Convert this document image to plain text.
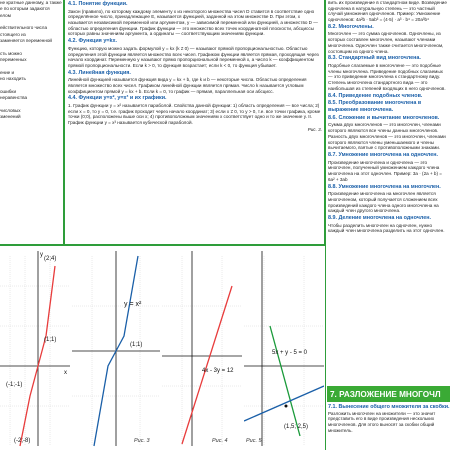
не кратные данному, а также

е по которым задаются

елом

ействительного числа

стоящего из

заменяется переменной

сть можно

переменных

ение и

но находить

ошибки

неравенства

числовых

зменений

4.1. Понятие функции.

Закон (правило), по которому каждому элементу x из некоторого множества чисел D ставится в соответствие одно определённое число, принадлежащее E, называется функцией, заданной на этом множестве D. При этом, x называется независимой переменной или аргументом, y — зависимой переменной или функцией, а множество D — областью определения функции. График функции — это множество всех точек координатной плоскости, абсциссы которых равны значениям аргумента, а ординаты — соответствующим значениям функции.

4.2. Функция y=kx.

Функцию, которую можно задать формулой y = kx (k ≠ 0) — называют прямой пропорциональностью. Областью определения этой функции является множество всех чисел. Графиком функции является прямая, проходящая через начало координат. Переменную y называют прямо пропорциональной переменной x, а число k — коэффициентом прямой пропорциональности. Если k > 0, то функция возрастает; если k < 0, то функция убывает.

4.3. Линейная функция.

Линейной функцией называется функция вида y = kx + b, где k и b — некоторые числа. Областью определения является множество всех чисел. Графиком линейной функции является прямая. Число k называется угловым коэффициентом прямой y = kx + b. Если k = 0, то график — прямая, параллельная оси абсцисс.

4.4. Функции y=x², y=x³ и их графики.

1. График функции y = x² называется параболой. Свойства данной функции: 1) область определения — все числа; 2) если x = 0, то y = 0, т.е. график проходит через начало координат; 3) если x ≠ 0, то y > 0, т.е. все точки графика, кроме точки (0;0), расположены выше оси x; 4) противоположным значениям x соответствует одно и то же значение y. II. График функции y = x³ называется кубической параболой.

Рис. 3.

вить их произведение в стандартном виде. Возведение одночлена в натуральную степень — это частный случай умножения одночленов. Пример: Умножение одночленов: 4a²b · 5ab³ = (4·5) · a³ · b⁴ = 20a³b⁴

8.2. Многочлены.

Многочлен — это сумма одночленов. Одночлены, из которых составлен многочлен, называют членами многочлена. Одночлен также считается многочленом, состоящим из одного члена.

8.3. Стандартный вид многочлена.

Подобные слагаемые в многочлене — это подобные члены многочлена. Приведение подобных слагаемых — это приведение многочлена к стандартному виду. Степень многочлена стандартного вида — это наибольшая из степеней входящих в него одночленов.

8.4. Приведение подобных членов.

8.5. Преобразование многочлена в выражение многочлена.

8.6. Сложение и вычитание многочленов.

Сумма двух многочленов — это многочлен, членами которого являются все члены данных многочленов. Разность двух многочленов — это многочлен, членами которого являются члены уменьшаемого и члены вычитаемого, взятые с противоположными знаками.

8.7. Умножение многочлена на одночлен.

Произведение многочлена и одночлена — это многочлен, полученный умножением каждого члена многочлена на этот одночлен. Пример: 3a · (2a + b) = 6a² + 3ab

8.8. Умножение многочлена на многочлен.

Произведение многочлена на многочлен является многочленом, который получается сложением всех произведений каждого члена одного многочлена на каждый член другого многочлена.

8.9. Деление многочлена на одночлен.

Чтобы разделить многочлен на одночлен, нужно каждый член многочлена разделить на этот одночлен.

7. РАЗЛОЖЕНИЕ МНОГОЧЛ
7.1. Вынесение общего множителя за скобки.
Разложить многочлен на множители — это значит представить его в виде произведения нескольких многочленов. Для этого выносят за скобки общий множитель.
(2;4)
(1;1)
(-1;-1)
(-2;-8)
y
x
y = x²
(1;1)
Рис. 3
4x - 3y = 12
Рис. 4
5x + y - 5 = 0
(1,5; 2,5)
Рис. 5
